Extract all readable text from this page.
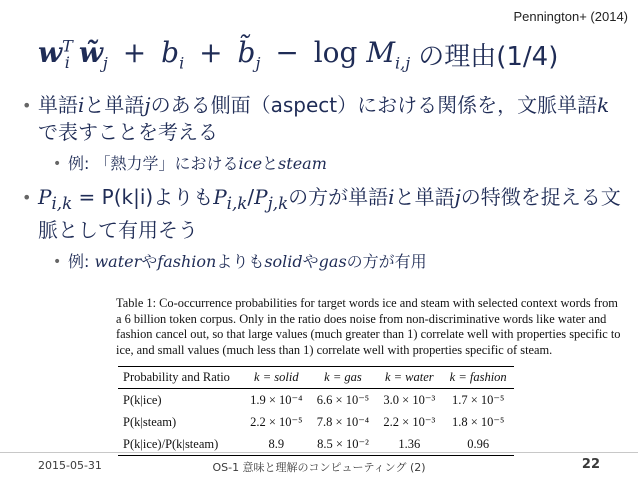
Pennington+ (2014)
$w^T_i$ $w̃_j + b_i$ + $b̃_j - \log M_{i,j}$ の理由(1/4)
• 単語iと単語jのある側面（aspect）における関係を，文脈単語kで表すことを考える
• 例: 「熱力学」におけるiceとsteam
• $P_{i,k} = P(k|i)$よりも$P_{i,k}/P_{j,k}$の方が単語iと単語jの特徴を捉える文脈として有用そう
• 例: waterやfashionよりもsolidやgasの方が有用

Table 1: Co-occurrence probabilities for target words ice and steam with selected context words from a 6 billion token corpus. Only in the ratio does noise from non-discriminative words like water and fashion cancel out, so that large values (much greater than 1) correlate well with properties specific to ice, and small values (much less than 1) correlate well with properties specific of steam.

Probability and Ratio	k = solid	k = gas	k = water	k = fashion
P(k|ice)	1.9 × 10⁻⁴	6.6 × 10⁻⁵	3.0 × 10⁻³	1.7 × 10⁻⁵
P(k|steam)	2.2 × 10⁻⁵	7.8 × 10⁻⁴	2.2 × 10⁻³	1.8 × 10⁻⁵
P(k|ice)/P(k|steam)	8.9	8.5 × 10⁻²	1.36	0.96
2015-05-31	OS-1 意味と理解のコンピューティング (2)	22
